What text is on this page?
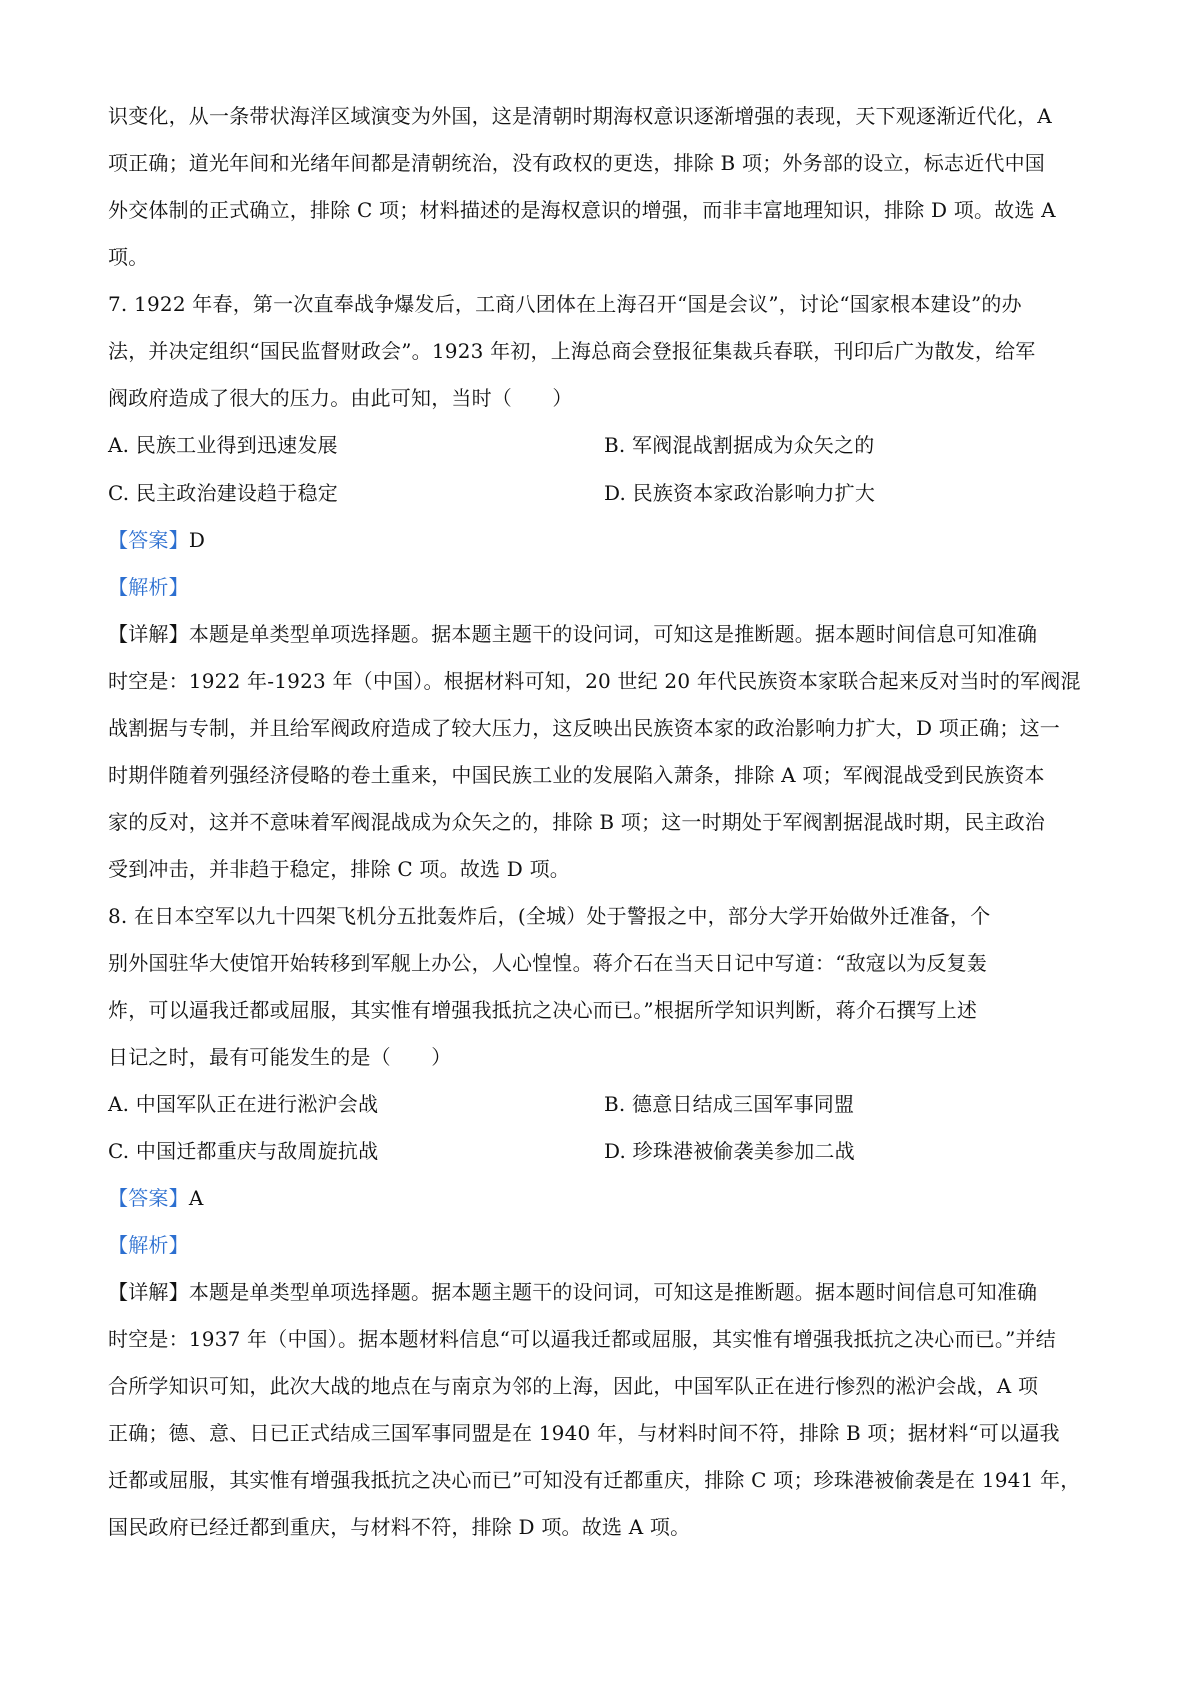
识变化，从一条带状海洋区域演变为外国，这是清朝时期海权意识逐渐增强的表现，天下观逐渐近代化，A
项正确；道光年间和光绪年间都是清朝统治，没有政权的更迭，排除 B 项；外务部的设立，标志近代中国
外交体制的正式确立，排除 C 项；材料描述的是海权意识的增强，而非丰富地理知识，排除 D 项。故选 A
项。
7. 1922 年春，第一次直奉战争爆发后，工商八团体在上海召开“国是会议”，讨论“国家根本建设”的办
法，并决定组织“国民监督财政会”。1923 年初，上海总商会登报征集裁兵春联，刊印后广为散发，给军
阀政府造成了很大的压力。由此可知，当时（　　）
A. 民族工业得到迅速发展	B. 军阀混战割据成为众矢之的
C. 民主政治建设趋于稳定	D. 民族资本家政治影响力扩大
【答案】D
【解析】
【详解】本题是单类型单项选择题。据本题主题干的设问词，可知这是推断题。据本题时间信息可知准确
时空是：1922 年-1923 年（中国）。根据材料可知，20 世纪 20 年代民族资本家联合起来反对当时的军阀混
战割据与专制，并且给军阀政府造成了较大压力，这反映出民族资本家的政治影响力扩大，D 项正确；这一
时期伴随着列强经济侵略的卷土重来，中国民族工业的发展陷入萧条，排除 A 项；军阀混战受到民族资本
家的反对，这并不意味着军阀混战成为众矢之的，排除 B 项；这一时期处于军阀割据混战时期，民主政治
受到冲击，并非趋于稳定，排除 C 项。故选 D 项。
8. 在日本空军以九十四架飞机分五批轰炸后，(全城）处于警报之中，部分大学开始做外迁准备，个
别外国驻华大使馆开始转移到军舰上办公，人心惶惶。蒋介石在当天日记中写道：“敌寇以为反复轰
炸，可以逼我迁都或屈服，其实惟有增强我抵抗之决心而已。”根据所学知识判断，蒋介石撰写上述
日记之时，最有可能发生的是（　　）
A. 中国军队正在进行淞沪会战	B. 德意日结成三国军事同盟
C. 中国迁都重庆与敌周旋抗战	D. 珍珠港被偷袭美参加二战
【答案】A
【解析】
【详解】本题是单类型单项选择题。据本题主题干的设问词，可知这是推断题。据本题时间信息可知准确
时空是：1937 年（中国）。据本题材料信息“可以逼我迁都或屈服，其实惟有增强我抵抗之决心而已。”并结
合所学知识可知，此次大战的地点在与南京为邻的上海，因此，中国军队正在进行惨烈的淞沪会战，A 项
正确；德、意、日已正式结成三国军事同盟是在 1940 年，与材料时间不符，排除 B 项；据材料“可以逼我
迁都或屈服，其实惟有增强我抵抗之决心而已”可知没有迁都重庆，排除 C 项；珍珠港被偷袭是在 1941 年，
国民政府已经迁都到重庆，与材料不符，排除 D 项。故选 A 项。
